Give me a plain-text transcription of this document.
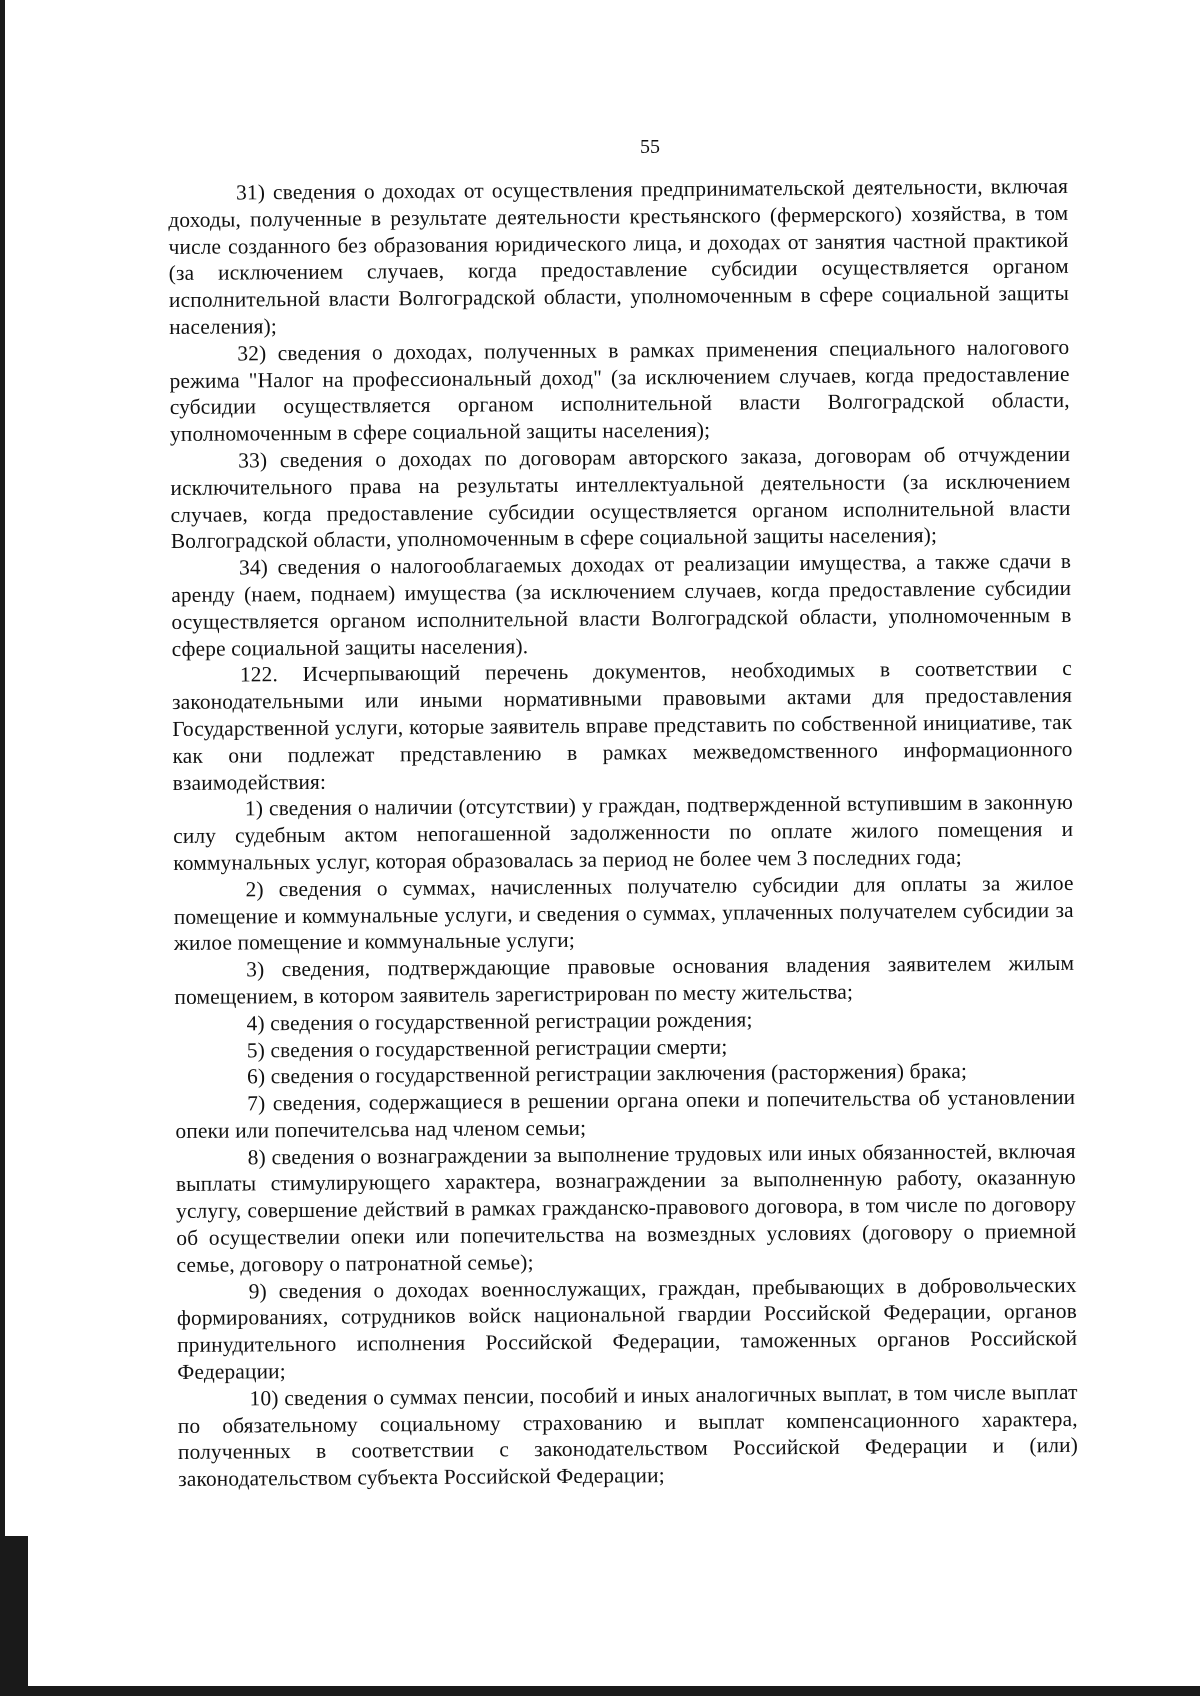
55

31) сведения о доходах от осуществления предпринимательской деятельности, включая доходы, полученные в результате деятельности крестьянского (фермерского) хозяйства, в том числе созданного без образования юридического лица, и доходах от занятия частной практикой (за исключением случаев, когда предоставление субсидии осуществляется органом исполнительной власти Волгоградской области, уполномоченным в сфере социальной защиты населения);

32) сведения о доходах, полученных в рамках применения специального налогового режима "Налог на профессиональный доход" (за исключением случаев, когда предоставление субсидии осуществляется органом исполнительной власти Волгоградской области, уполномоченным в сфере социальной защиты населения);

33) сведения о доходах по договорам авторского заказа, договорам об отчуждении исключительного права на результаты интеллектуальной деятельности (за исключением случаев, когда предоставление субсидии осуществляется органом исполнительной власти Волгоградской области, уполномоченным в сфере социальной защиты населения);

34) сведения о налогооблагаемых доходах от реализации имущества, а также сдачи в аренду (наем, поднаем) имущества (за исключением случаев, когда предоставление субсидии осуществляется органом исполнительной власти Волгоградской области, уполномоченным в сфере социальной защиты населения).

122. Исчерпывающий перечень документов, необходимых в соответствии с законодательными или иными нормативными правовыми актами для предоставления Государственной услуги, которые заявитель вправе представить по собственной инициативе, так как они подлежат представлению в рамках межведомственного информационного взаимодействия:

1) сведения о наличии (отсутствии) у граждан, подтвержденной вступившим в законную силу судебным актом непогашенной задолженности по оплате жилого помещения и коммунальных услуг, которая образовалась за период не более чем 3 последних года;

2) сведения о суммах, начисленных получателю субсидии для оплаты за жилое помещение и коммунальные услуги, и сведения о суммах, уплаченных получателем субсидии за жилое помещение и коммунальные услуги;

3) сведения, подтверждающие правовые основания владения заявителем жилым помещением, в котором заявитель зарегистрирован по месту жительства;

4) сведения о государственной регистрации рождения;

5) сведения о государственной регистрации смерти;

6) сведения о государственной регистрации заключения (расторжения) брака;

7) сведения, содержащиеся в решении органа опеки и попечительства об установлении опеки или попечителсьва над членом семьи;

8) сведения о вознаграждении за выполнение трудовых или иных обязанностей, включая выплаты стимулирующего характера, вознаграждении за выполненную работу, оказанную услугу, совершение действий в рамках гражданско-правового договора, в том числе по договору об осуществелии опеки или попечительства на возмездных условиях (договору о приемной семье, договору о патронатной семье);

9) сведения о доходах военнослужащих, граждан, пребывающих в добровольческих формированиях, сотрудников войск национальной гвардии Российской Федерации, органов принудительного исполнения Российской Федерации, таможенных органов Российской Федерации;

10) сведения о суммах пенсии, пособий и иных аналогичных выплат, в том числе выплат по обязательному социальному страхованию и выплат компенсационного характера, полученных в соответствии с законодательством Российской Федерации и (или) законодательством субъекта Российской Федерации;
